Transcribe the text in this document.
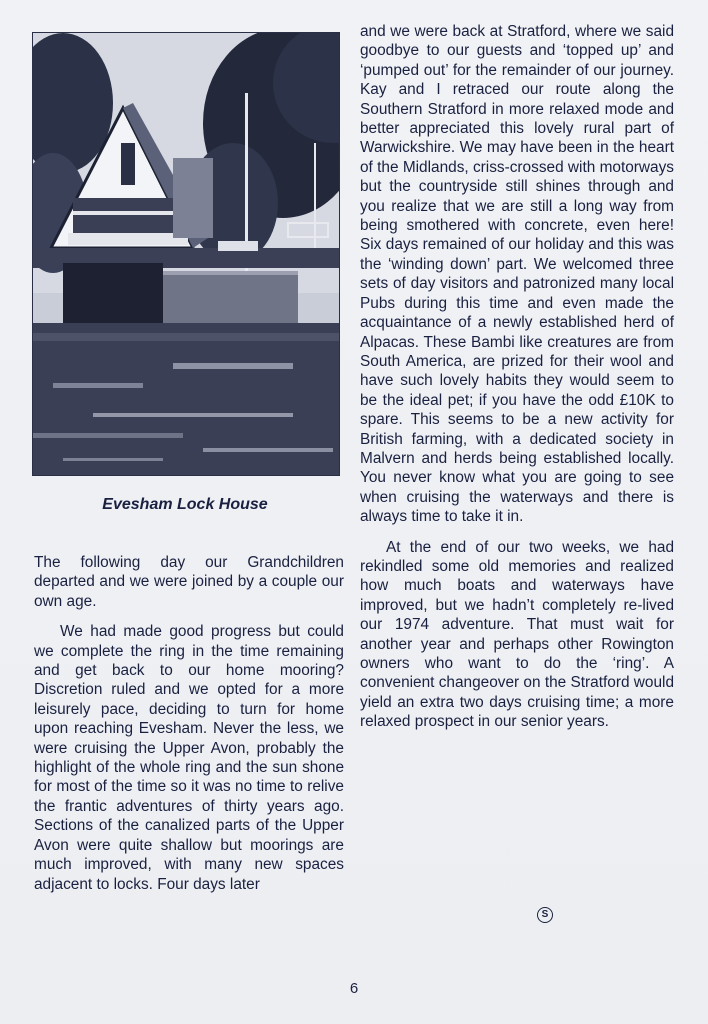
Evesham Lock House

The following day our Grandchildren departed and we were joined by a couple our own age.

We had made good progress but could we complete the ring in the time remaining and get back to our home mooring? Discretion ruled and we opted for a more leisurely pace, deciding to turn for home upon reaching Evesham. Never the less, we were cruising the Upper Avon, probably the highlight of the whole ring and the sun shone for most of the time so it was no time to relive the frantic adventures of thirty years ago. Sections of the canalized parts of the Upper Avon were quite shallow but moorings are much improved, with many new spaces adjacent to locks. Four days later

and we were back at Stratford, where we said goodbye to our guests and ‘topped up’ and ‘pumped out’ for the remainder of our journey. Kay and I retraced our route along the Southern Stratford in more relaxed mode and better appreciated this lovely rural part of Warwickshire. We may have been in the heart of the Midlands, criss-crossed with motorways but the countryside still shines through and you realize that we are still a long way from being smothered with concrete, even here! Six days remained of our holiday and this was the ‘winding down’ part. We welcomed three sets of day visitors and patronized many local Pubs during this time and even made the acquaintance of a newly established herd of Alpacas. These Bambi like creatures are from South America, are prized for their wool and have such lovely habits they would seem to be the ideal pet; if you have the odd £10K to spare. This seems to be a new activity for British farming, with a dedicated society in Malvern and herds being established locally. You never know what you are going to see when cruising the waterways and there is always time to take it in.

At the end of our two weeks, we had rekindled some old memories and realized how much boats and waterways have improved, but we hadn’t completely re-lived our 1974 adventure. That must wait for another year and perhaps other Rowington owners who want to do the ‘ring’. A convenient changeover on the Stratford would yield an extra two days cruising time; a more relaxed prospect in our senior years.

S
6
